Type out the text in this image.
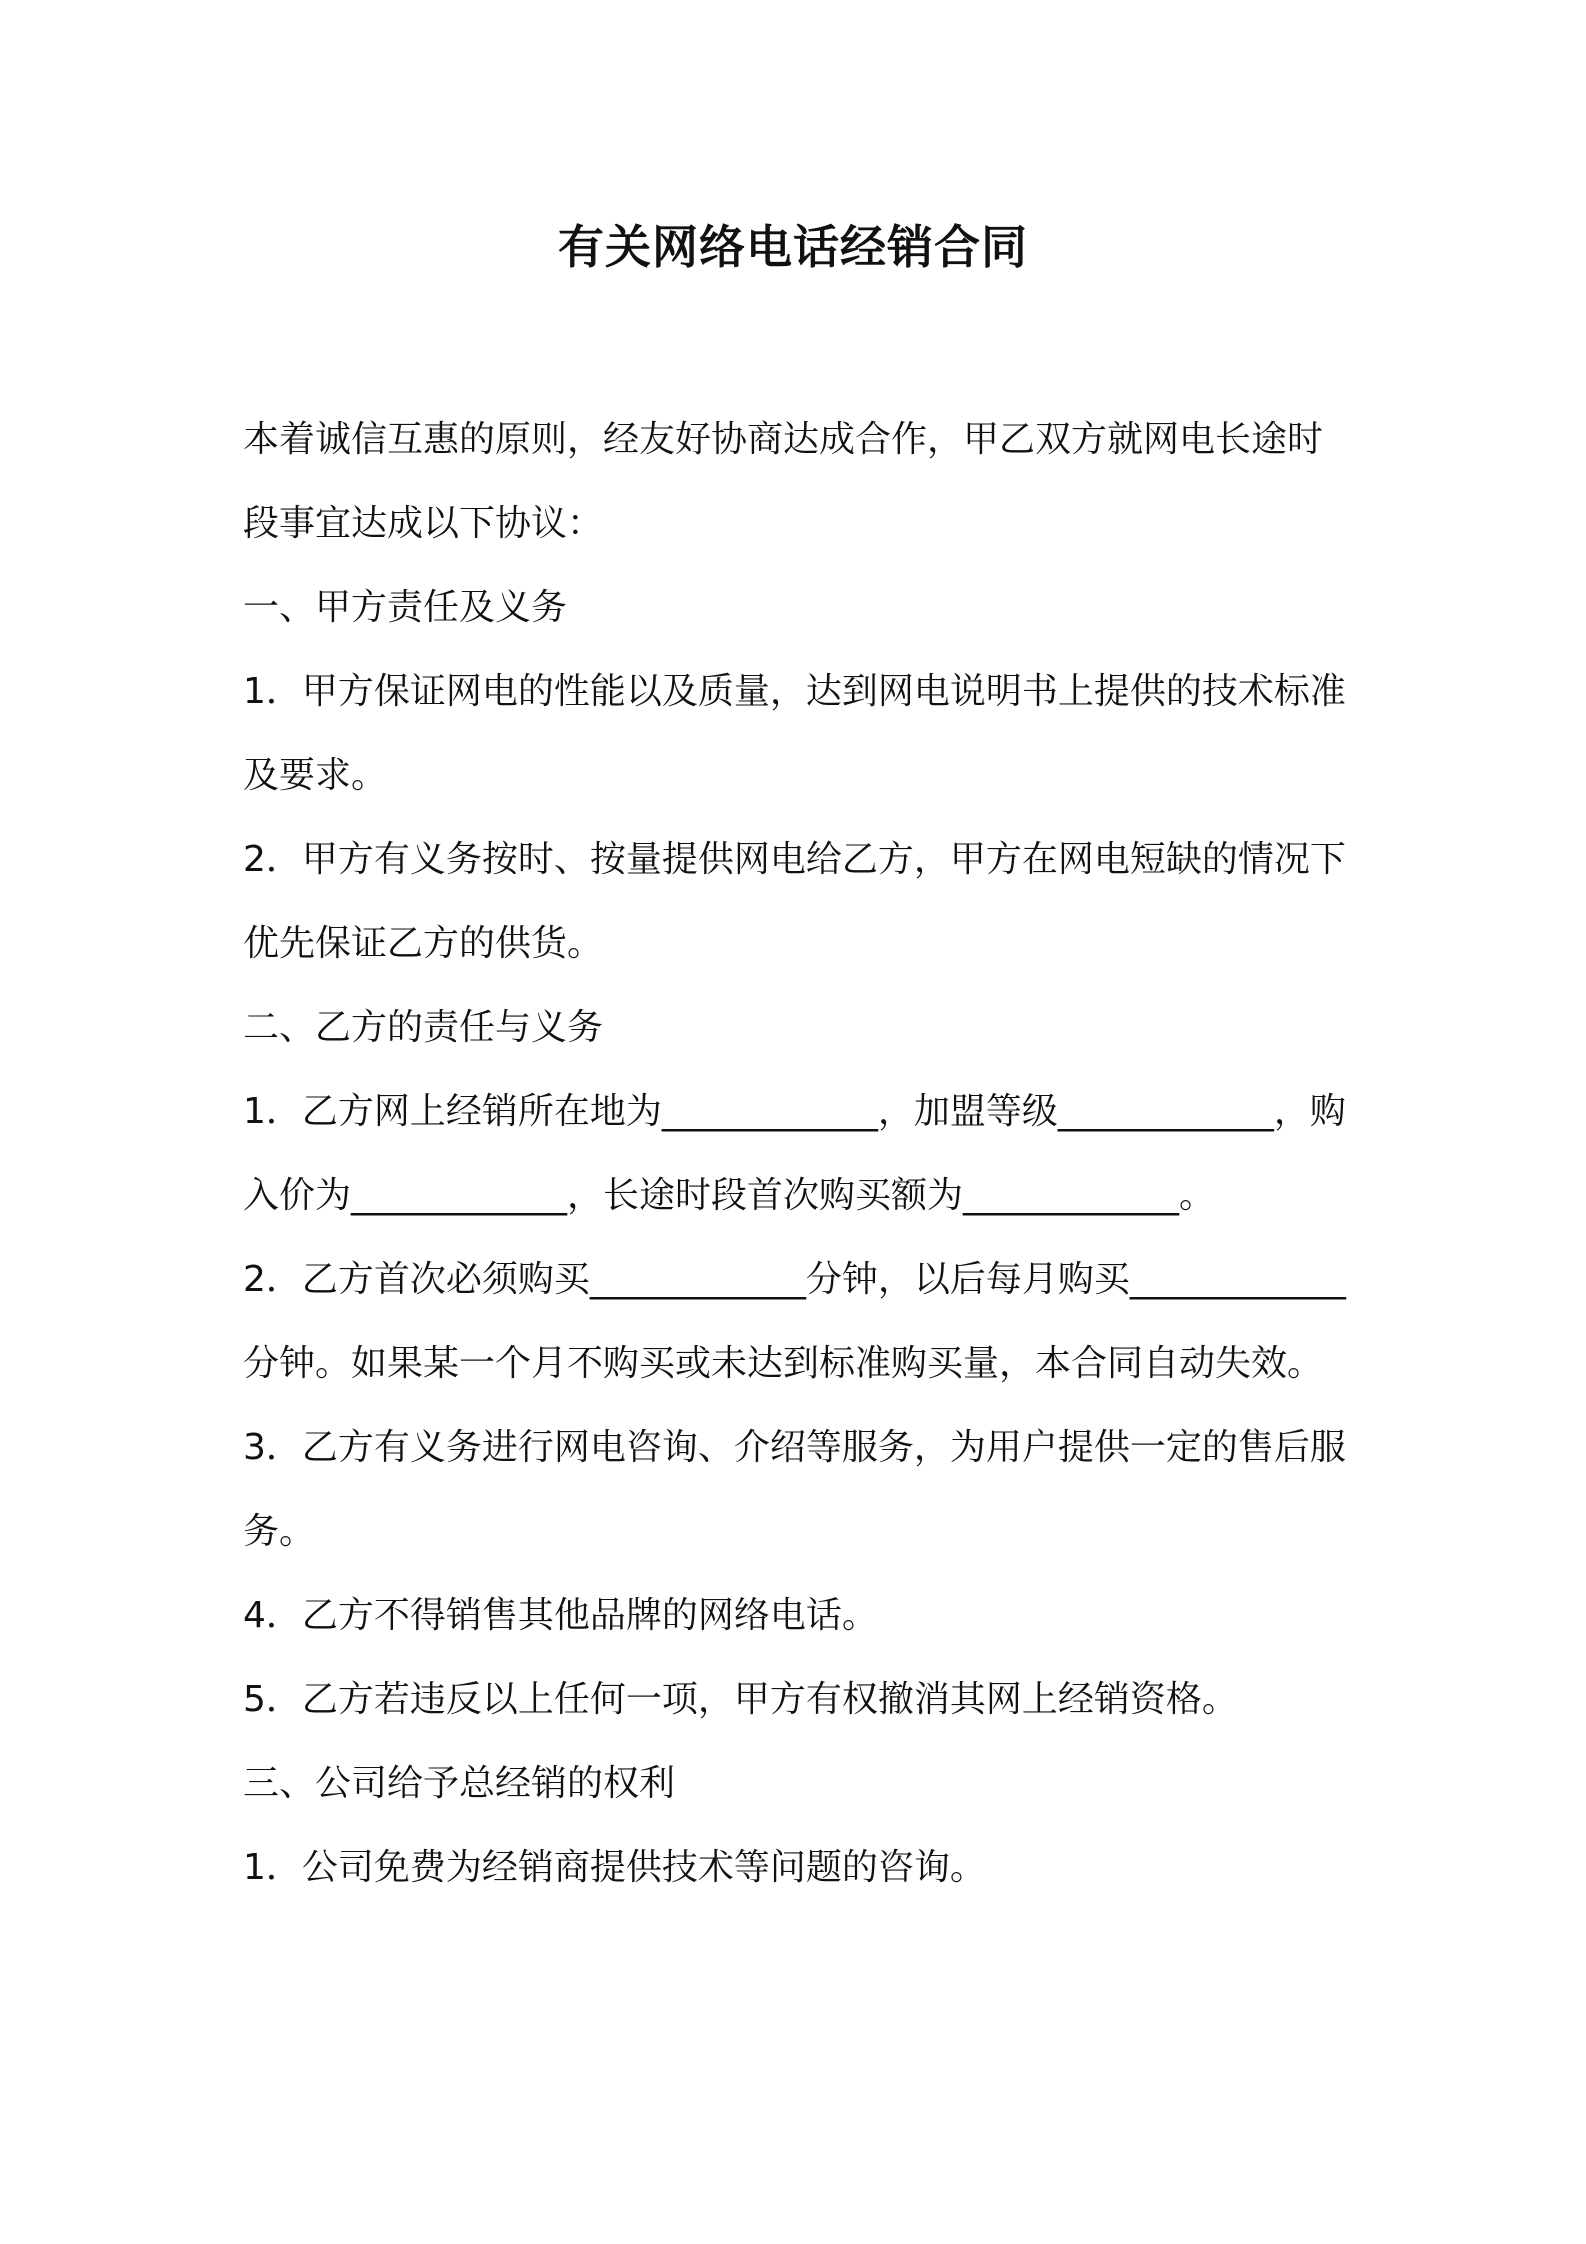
有关网络电话经销合同

本着诚信互惠的原则，经友好协商达成合作，甲乙双方就网电长途时段事宜达成以下协议：

一、甲方责任及义务

1．甲方保证网电的性能以及质量，达到网电说明书上提供的技术标准及要求。

2．甲方有义务按时、按量提供网电给乙方，甲方在网电短缺的情况下优先保证乙方的供货。

二、乙方的责任与义务

1．乙方网上经销所在地为____________，加盟等级____________，购入价为____________，长途时段首次购买额为____________。

2．乙方首次必须购买____________分钟，以后每月购买____________分钟。如果某一个月不购买或未达到标准购买量，本合同自动失效。

3．乙方有义务进行网电咨询、介绍等服务，为用户提供一定的售后服务。

4．乙方不得销售其他品牌的网络电话。

5．乙方若违反以上任何一项，甲方有权撤消其网上经销资格。

三、公司给予总经销的权利

1．公司免费为经销商提供技术等问题的咨询。
